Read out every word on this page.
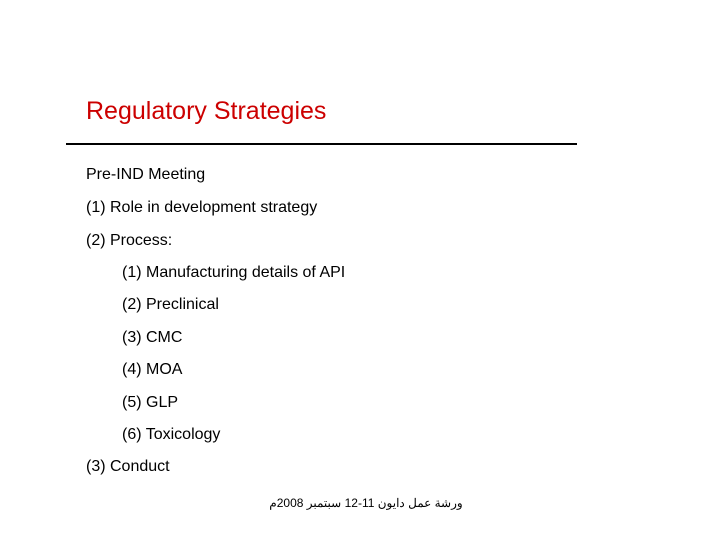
Regulatory Strategies
Pre-IND Meeting
(1) Role in development strategy
(2) Process:
(1) Manufacturing details of API
(2) Preclinical
(3) CMC
(4) MOA
(5) GLP
(6) Toxicology
(3) Conduct
ورشة عمل دايون 11-12 سبتمبر 2008م
